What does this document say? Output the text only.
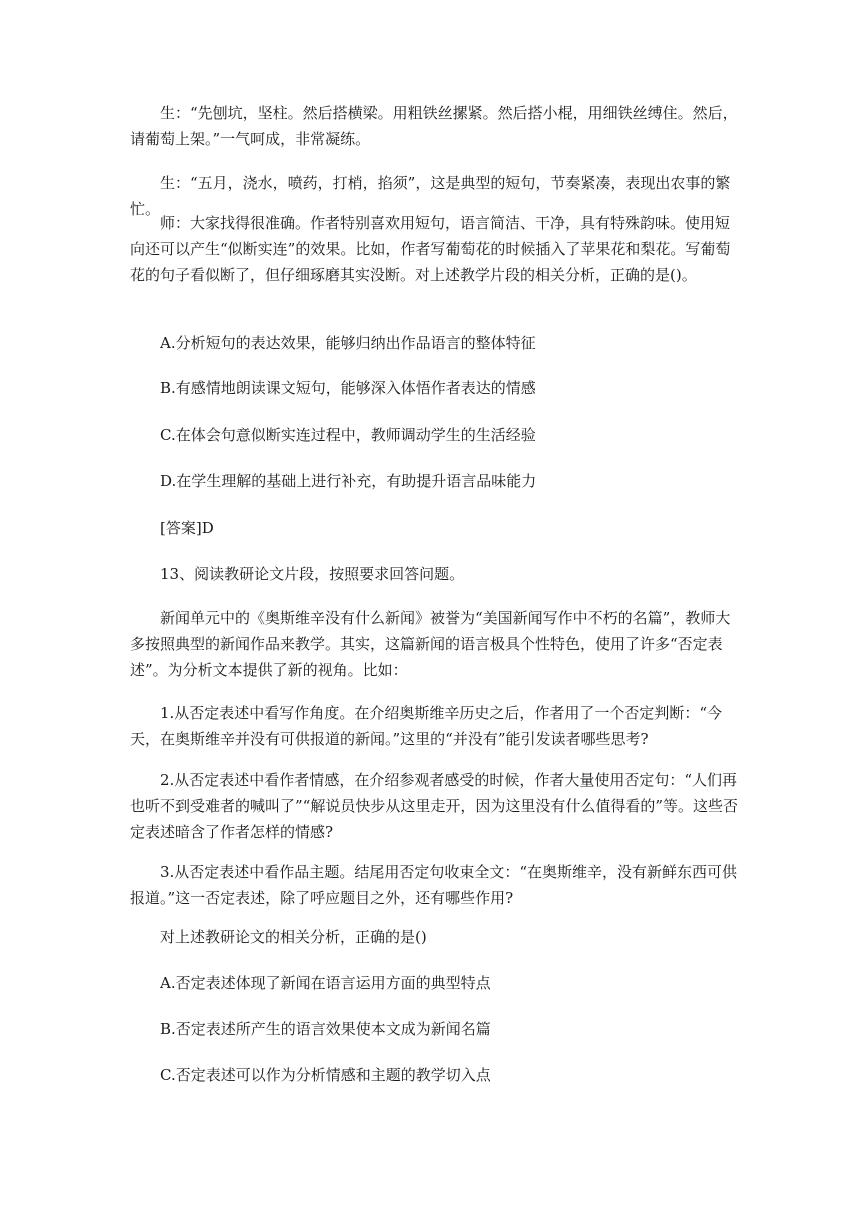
生：“先刨坑，坚柱。然后搭横梁。用粗铁丝摞紧。然后搭小棍，用细铁丝缚住。然后，请葡萄上架。”一气呵成，非常凝练。

生：“五月，浇水，喷药，打梢，掐须”，这是典型的短句，节奏紧凑，表现出农事的繁忙。

师：大家找得很准确。作者特别喜欢用短句，语言简洁、干净，具有特殊韵味。使用短向还可以产生“似断实连”的效果。比如，作者写葡萄花的时候插入了苹果花和梨花。写葡萄花的句子看似断了，但仔细琢磨其实没断。对上述教学片段的相关分析，正确的是()。

A.分析短句的表达效果，能够归纳出作品语言的整体特征

B.有感情地朗读课文短句，能够深入体悟作者表达的情感

C.在体会句意似断实连过程中，教师调动学生的生活经验

D.在学生理解的基础上进行补充，有助提升语言品味能力

[答案]D

13、阅读教研论文片段，按照要求回答问题。

新闻单元中的《奥斯维辛没有什么新闻》被誉为“美国新闻写作中不朽的名篇”，教师大多按照典型的新闻作品来教学。其实，这篇新闻的语言极具个性特色，使用了许多“否定表述”。为分析文本提供了新的视角。比如：

1.从否定表述中看写作角度。在介绍奥斯维辛历史之后，作者用了一个否定判断：“今天，在奥斯维辛并没有可供报道的新闻。”这里的“并没有”能引发读者哪些思考?

2.从否定表述中看作者情感，在介绍参观者感受的时候，作者大量使用否定句：“人们再也听不到受难者的喊叫了”“解说员快步从这里走开，因为这里没有什么值得看的”等。这些否定表述暗含了作者怎样的情感?

3.从否定表述中看作品主题。结尾用否定句收束全文：“在奥斯维辛，没有新鲜东西可供报道。”这一否定表述，除了呼应题目之外，还有哪些作用?

对上述教研论文的相关分析，正确的是()

A.否定表述体现了新闻在语言运用方面的典型特点

B.否定表述所产生的语言效果使本文成为新闻名篇

C.否定表述可以作为分析情感和主题的教学切入点
